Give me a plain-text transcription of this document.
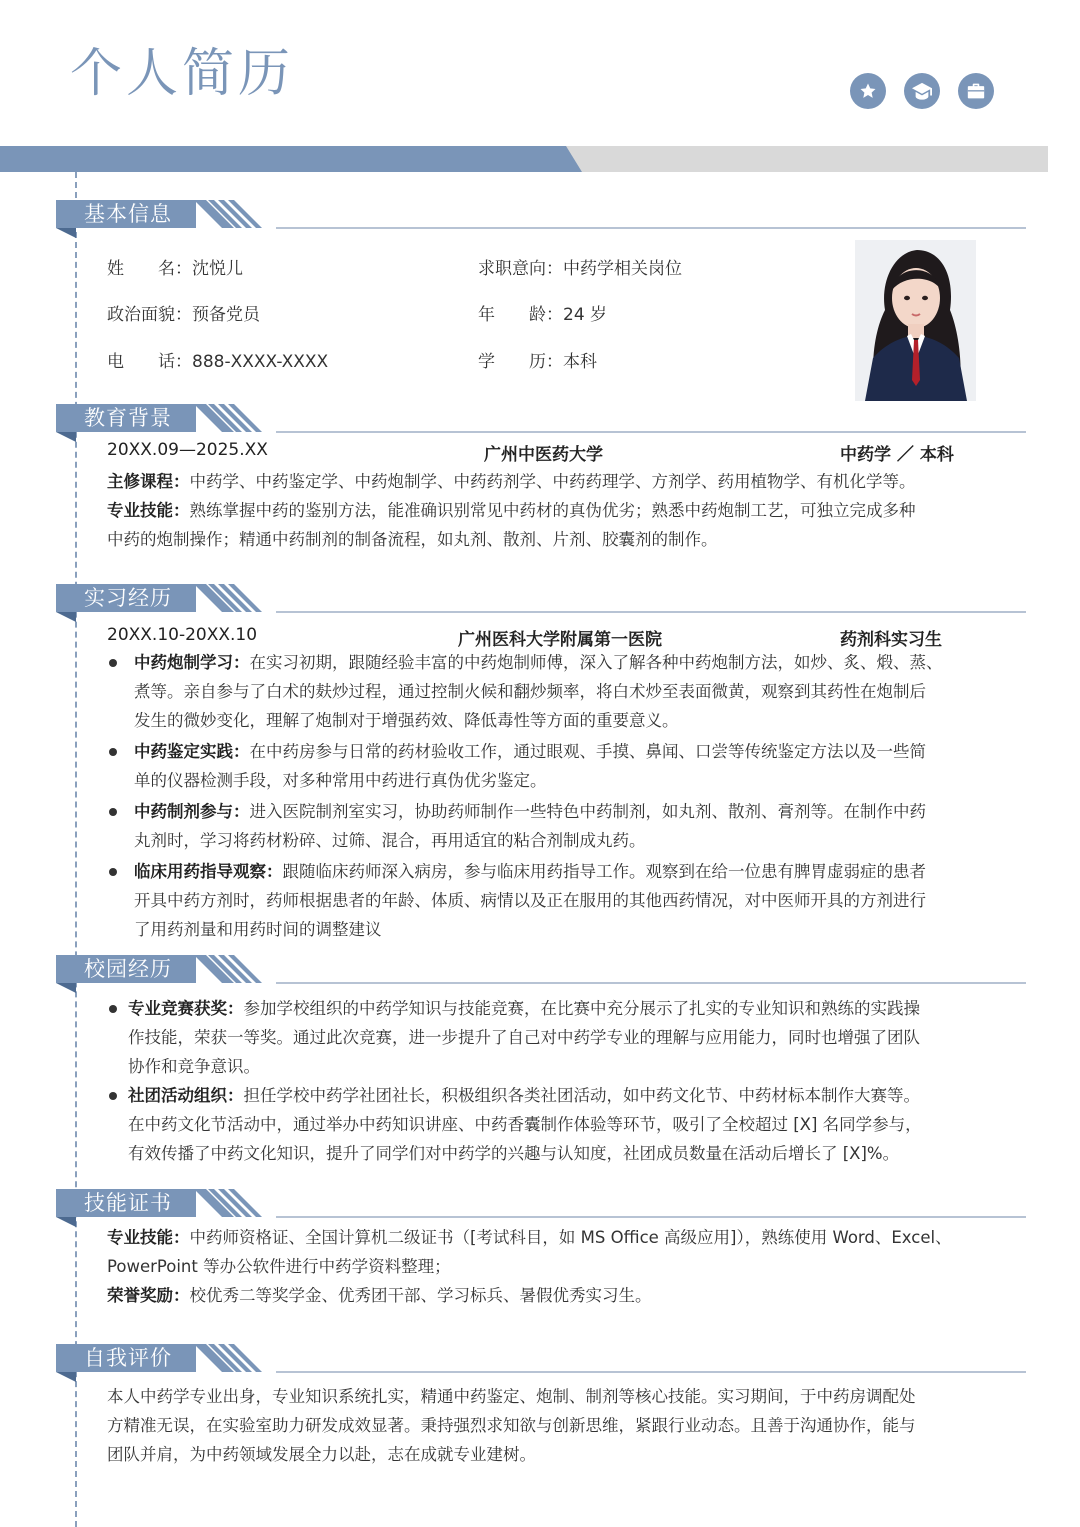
个人简历
基本信息
姓　　名：沈悦儿	求职意向：中药学相关岗位
政治面貌：预备党员	年　　龄：24 岁
电　　话：888-XXXX-XXXX	学　　历：本科
教育背景
20XX.09—2025.XX	广州中医药大学	中药学 ／ 本科
主修课程：中药学、中药鉴定学、中药炮制学、中药药剂学、中药药理学、方剂学、药用植物学、有机化学等。
专业技能：熟练掌握中药的鉴别方法，能准确识别常见中药材的真伪优劣；熟悉中药炮制工艺，可独立完成多种
中药的炮制操作；精通中药制剂的制备流程，如丸剂、散剂、片剂、胶囊剂的制作。
实习经历
20XX.10-20XX.10	广州医科大学附属第一医院	药剂科实习生
中药炮制学习：在实习初期，跟随经验丰富的中药炮制师傅，深入了解各种中药炮制方法，如炒、炙、煅、蒸、
煮等。亲自参与了白术的麸炒过程，通过控制火候和翻炒频率，将白术炒至表面微黄，观察到其药性在炮制后
发生的微妙变化，理解了炮制对于增强药效、降低毒性等方面的重要意义。
中药鉴定实践：在中药房参与日常的药材验收工作，通过眼观、手摸、鼻闻、口尝等传统鉴定方法以及一些简
单的仪器检测手段，对多种常用中药进行真伪优劣鉴定。
中药制剂参与：进入医院制剂室实习，协助药师制作一些特色中药制剂，如丸剂、散剂、膏剂等。在制作中药
丸剂时，学习将药材粉碎、过筛、混合，再用适宜的粘合剂制成丸药。
临床用药指导观察：跟随临床药师深入病房，参与临床用药指导工作。观察到在给一位患有脾胃虚弱症的患者
开具中药方剂时，药师根据患者的年龄、体质、病情以及正在服用的其他西药情况，对中医师开具的方剂进行
了用药剂量和用药时间的调整建议
校园经历
专业竞赛获奖：参加学校组织的中药学知识与技能竞赛，在比赛中充分展示了扎实的专业知识和熟练的实践操
作技能，荣获一等奖。通过此次竞赛，进一步提升了自己对中药学专业的理解与应用能力，同时也增强了团队
协作和竞争意识。
社团活动组织：担任学校中药学社团社长，积极组织各类社团活动，如中药文化节、中药材标本制作大赛等。
在中药文化节活动中，通过举办中药知识讲座、中药香囊制作体验等环节，吸引了全校超过 [X] 名同学参与，
有效传播了中药文化知识，提升了同学们对中药学的兴趣与认知度，社团成员数量在活动后增长了 [X]%。
技能证书
专业技能：中药师资格证、全国计算机二级证书（[考试科目，如 MS Office 高级应用]），熟练使用 Word、Excel、
PowerPoint 等办公软件进行中药学资料整理；
荣誉奖励：校优秀二等奖学金、优秀团干部、学习标兵、暑假优秀实习生。
自我评价
本人中药学专业出身，专业知识系统扎实，精通中药鉴定、炮制、制剂等核心技能。实习期间，于中药房调配处
方精准无误，在实验室助力研发成效显著。秉持强烈求知欲与创新思维，紧跟行业动态。且善于沟通协作，能与
团队并肩，为中药领域发展全力以赴，志在成就专业建树。
